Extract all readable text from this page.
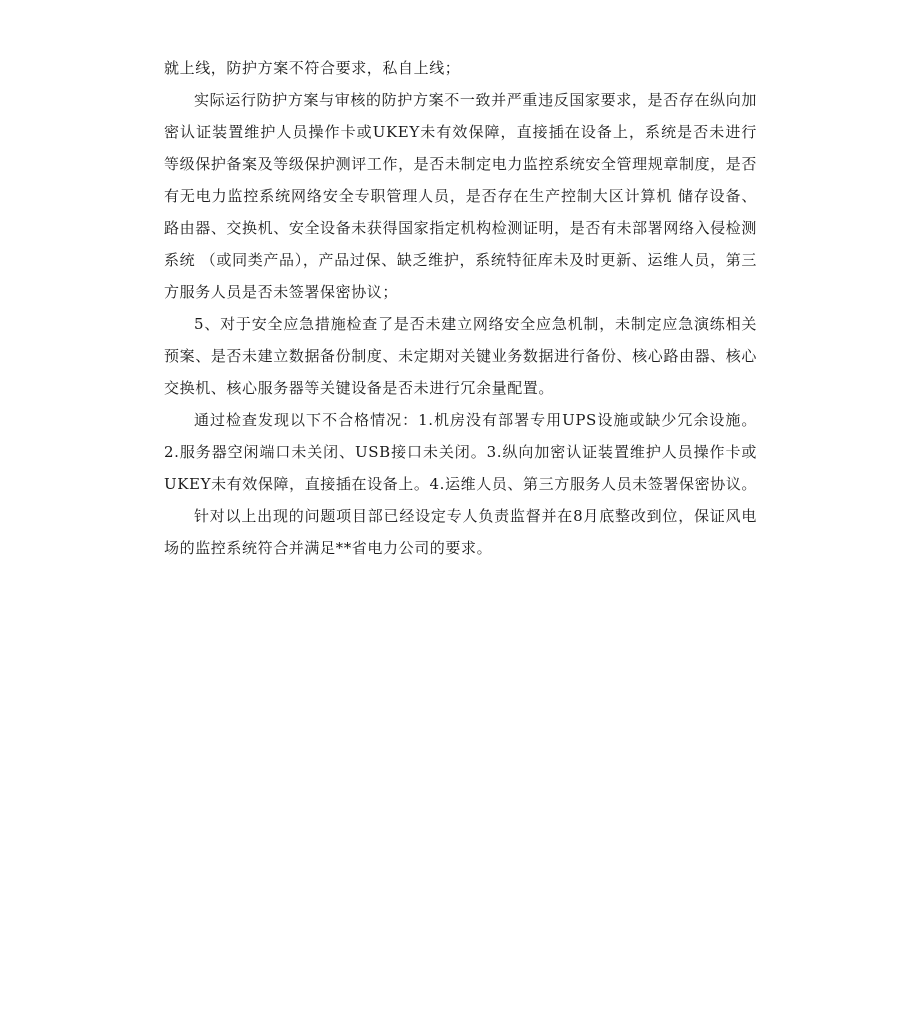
就上线，防护方案不符合要求，私自上线；

实际运行防护方案与审核的防护方案不一致并严重违反国家要求，是否存在纵向加密认证装置维护人员操作卡或UKEY未有效保障，直接插在设备上，系统是否未进行等级保护备案及等级保护测评工作，是否未制定电力监控系统安全管理规章制度，是否有无电力监控系统网络安全专职管理人员，是否存在生产控制大区计算机 储存设备、路由器、交换机、安全设备未获得国家指定机构检测证明，是否有未部署网络入侵检测系统 （或同类产品），产品过保、缺乏维护，系统特征库未及时更新、运维人员，第三方服务人员是否未签署保密协议；

5、对于安全应急措施检查了是否未建立网络安全应急机制，未制定应急演练相关预案、是否未建立数据备份制度、未定期对关键业务数据进行备份、核心路由器、核心交换机、核心服务器等关键设备是否未进行冗余量配置。

通过检查发现以下不合格情况：1.机房没有部署专用UPS设施或缺少冗余设施。2.服务器空闲端口未关闭、USB接口未关闭。3.纵向加密认证装置维护人员操作卡或UKEY未有效保障，直接插在设备上。4.运维人员、第三方服务人员未签署保密协议。

针对以上出现的问题项目部已经设定专人负责监督并在8月底整改到位，保证风电场的监控系统符合并满足**省电力公司的要求。
